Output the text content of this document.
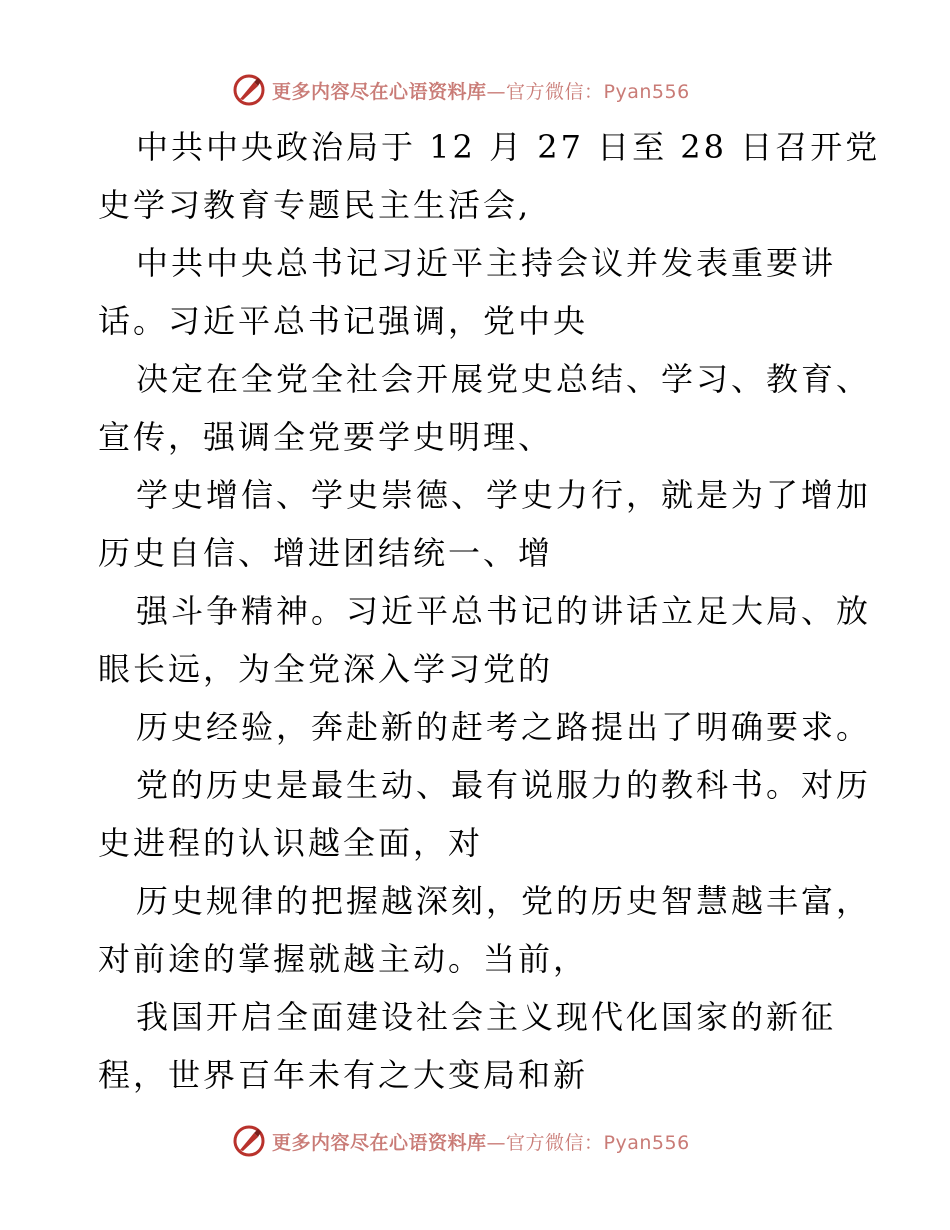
更多内容尽在心语资料库—官方微信：Pyan556
中共中央政治局于 12 月 27 日至 28 日召开党
史学习教育专题民主生活会,
中共中央总书记习近平主持会议并发表重要讲
话。习近平总书记强调，党中央
决定在全党全社会开展党史总结、学习、教育、
宣传，强调全党要学史明理、
学史增信、学史崇德、学史力行，就是为了增加
历史自信、增进团结统一、增
强斗争精神。习近平总书记的讲话立足大局、放
眼长远，为全党深入学习党的
历史经验，奔赴新的赶考之路提出了明确要求。
党的历史是最生动、最有说服力的教科书。对历
史进程的认识越全面，对
历史规律的把握越深刻，党的历史智慧越丰富，
对前途的掌握就越主动。当前，
我国开启全面建设社会主义现代化国家的新征
程，世界百年未有之大变局和新
更多内容尽在心语资料库—官方微信：Pyan556
